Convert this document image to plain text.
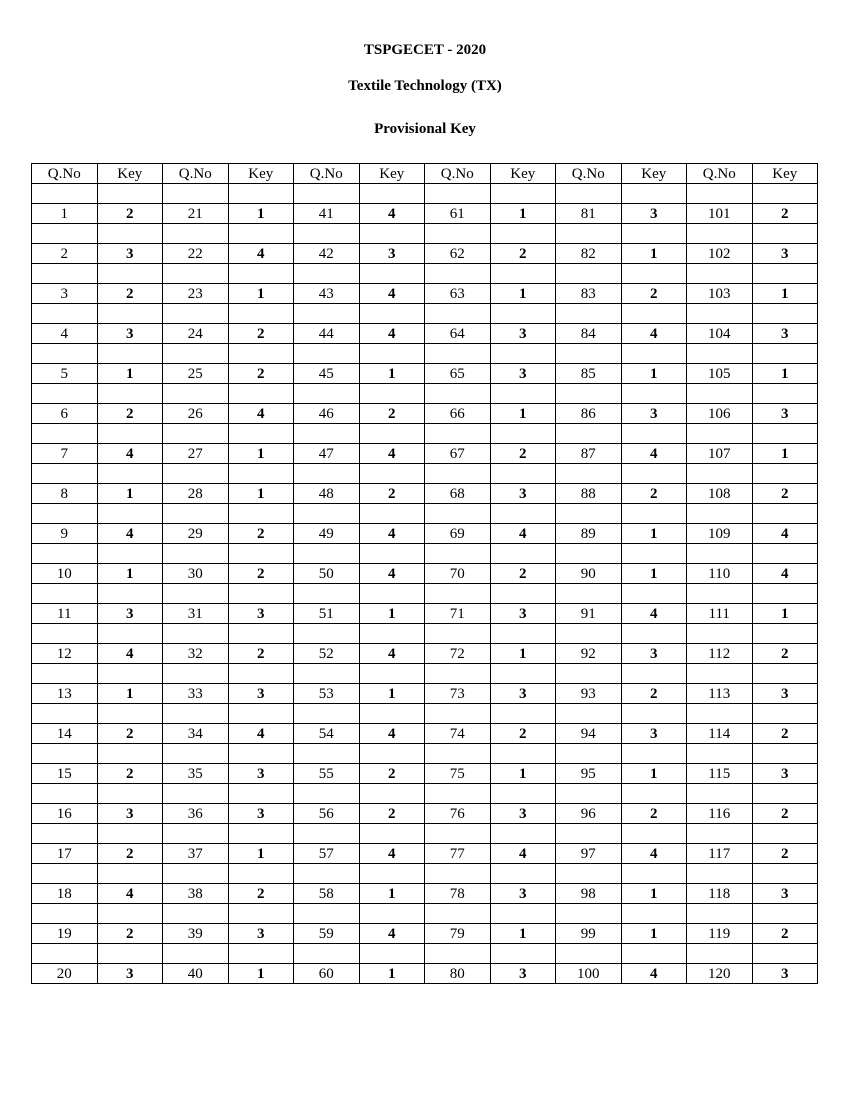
TSPGECET - 2020
Textile Technology (TX)
Provisional Key
Q.No	Key	Q.No	Key	Q.No	Key	Q.No	Key	Q.No	Key	Q.No	Key

1	2	21	1	41	4	61	1	81	3	101	2

2	3	22	4	42	3	62	2	82	1	102	3

3	2	23	1	43	4	63	1	83	2	103	1

4	3	24	2	44	4	64	3	84	4	104	3

5	1	25	2	45	1	65	3	85	1	105	1

6	2	26	4	46	2	66	1	86	3	106	3

7	4	27	1	47	4	67	2	87	4	107	1

8	1	28	1	48	2	68	3	88	2	108	2

9	4	29	2	49	4	69	4	89	1	109	4

10	1	30	2	50	4	70	2	90	1	110	4

11	3	31	3	51	1	71	3	91	4	111	1

12	4	32	2	52	4	72	1	92	3	112	2

13	1	33	3	53	1	73	3	93	2	113	3

14	2	34	4	54	4	74	2	94	3	114	2

15	2	35	3	55	2	75	1	95	1	115	3

16	3	36	3	56	2	76	3	96	2	116	2

17	2	37	1	57	4	77	4	97	4	117	2

18	4	38	2	58	1	78	3	98	1	118	3

19	2	39	3	59	4	79	1	99	1	119	2

20	3	40	1	60	1	80	3	100	4	120	3
